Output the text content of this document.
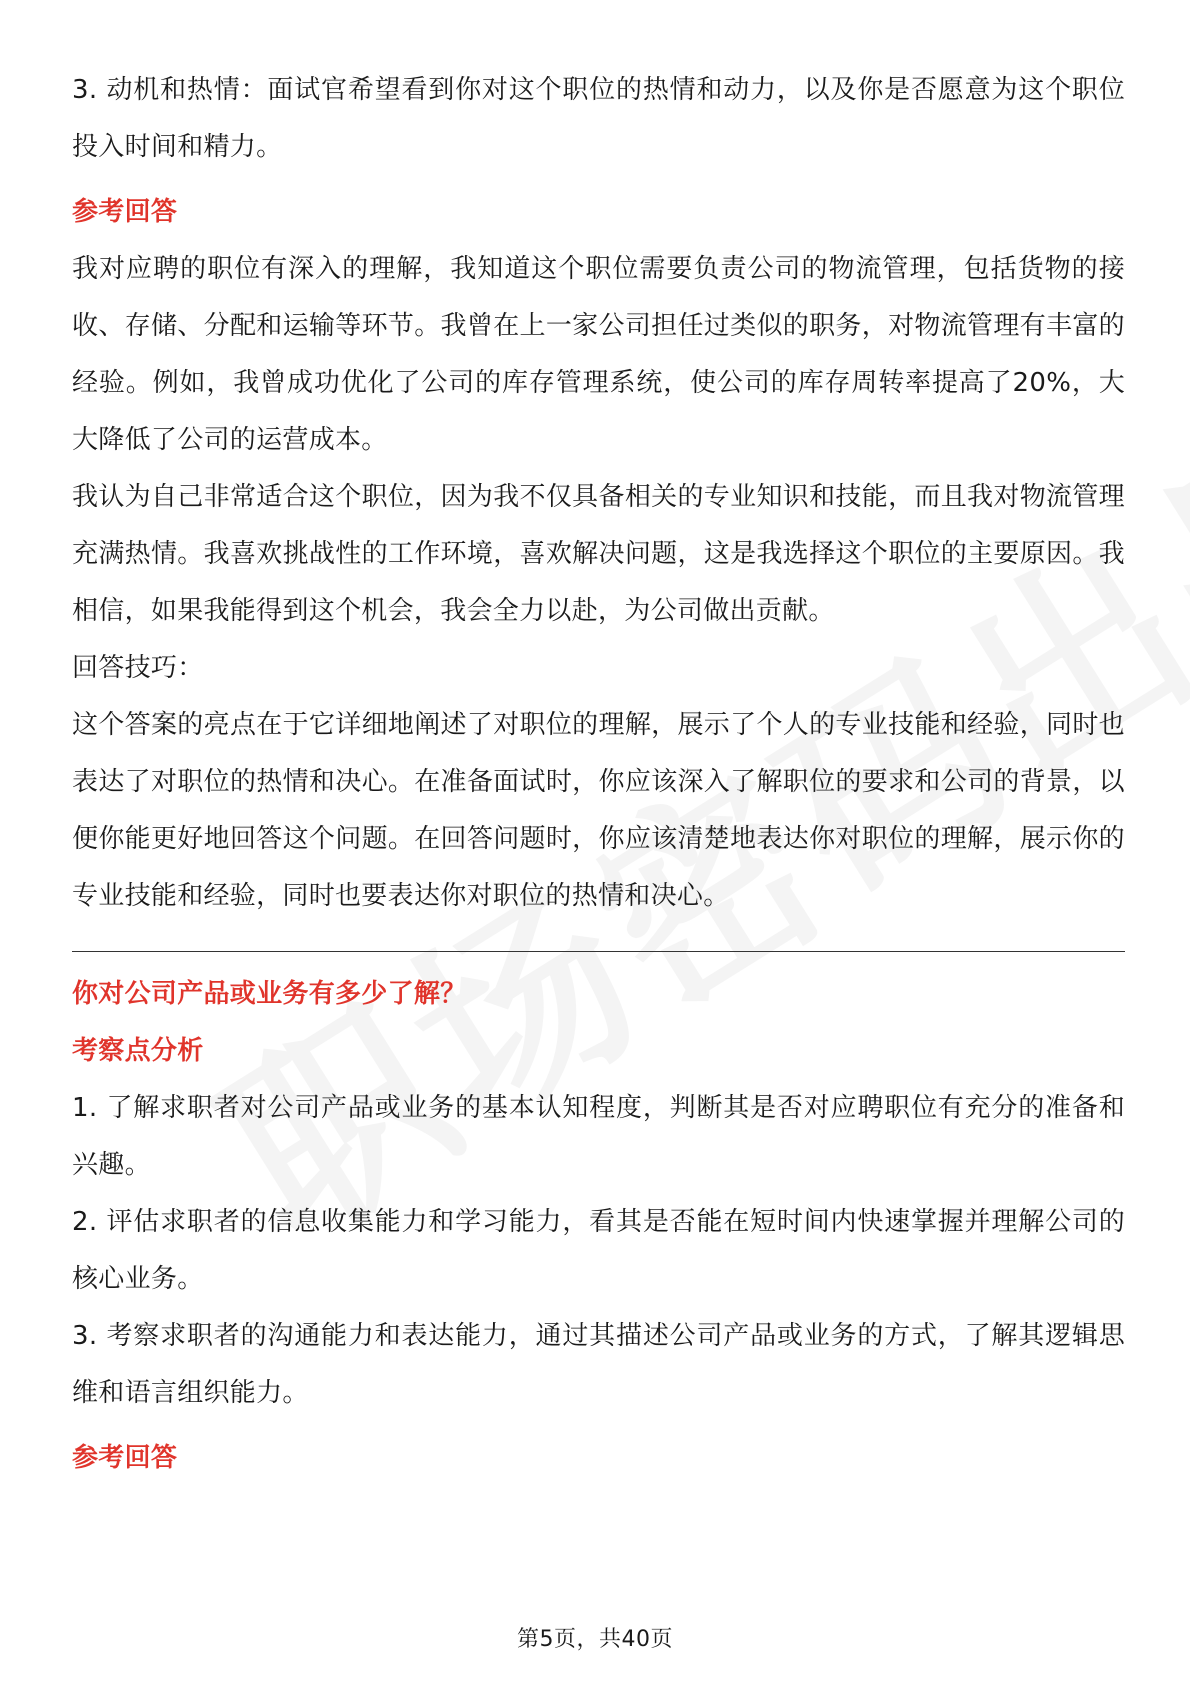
3. 动机和热情：面试官希望看到你对这个职位的热情和动力，以及你是否愿意为这个职位投入时间和精力。

参考回答

我对应聘的职位有深入的理解，我知道这个职位需要负责公司的物流管理，包括货物的接收、存储、分配和运输等环节。我曾在上一家公司担任过类似的职务，对物流管理有丰富的经验。例如，我曾成功优化了公司的库存管理系统，使公司的库存周转率提高了20%，大大降低了公司的运营成本。

我认为自己非常适合这个职位，因为我不仅具备相关的专业知识和技能，而且我对物流管理充满热情。我喜欢挑战性的工作环境，喜欢解决问题，这是我选择这个职位的主要原因。我相信，如果我能得到这个机会，我会全力以赴，为公司做出贡献。

回答技巧：

这个答案的亮点在于它详细地阐述了对职位的理解，展示了个人的专业技能和经验，同时也表达了对职位的热情和决心。在准备面试时，你应该深入了解职位的要求和公司的背景，以便你能更好地回答这个问题。在回答问题时，你应该清楚地表达你对职位的理解，展示你的专业技能和经验，同时也要表达你对职位的热情和决心。

你对公司产品或业务有多少了解？

考察点分析

1. 了解求职者对公司产品或业务的基本认知程度，判断其是否对应聘职位有充分的准备和兴趣。

2. 评估求职者的信息收集能力和学习能力，看其是否能在短时间内快速掌握并理解公司的核心业务。

3. 考察求职者的沟通能力和表达能力，通过其描述公司产品或业务的方式，了解其逻辑思维和语言组织能力。

参考回答

第5页，共40页
